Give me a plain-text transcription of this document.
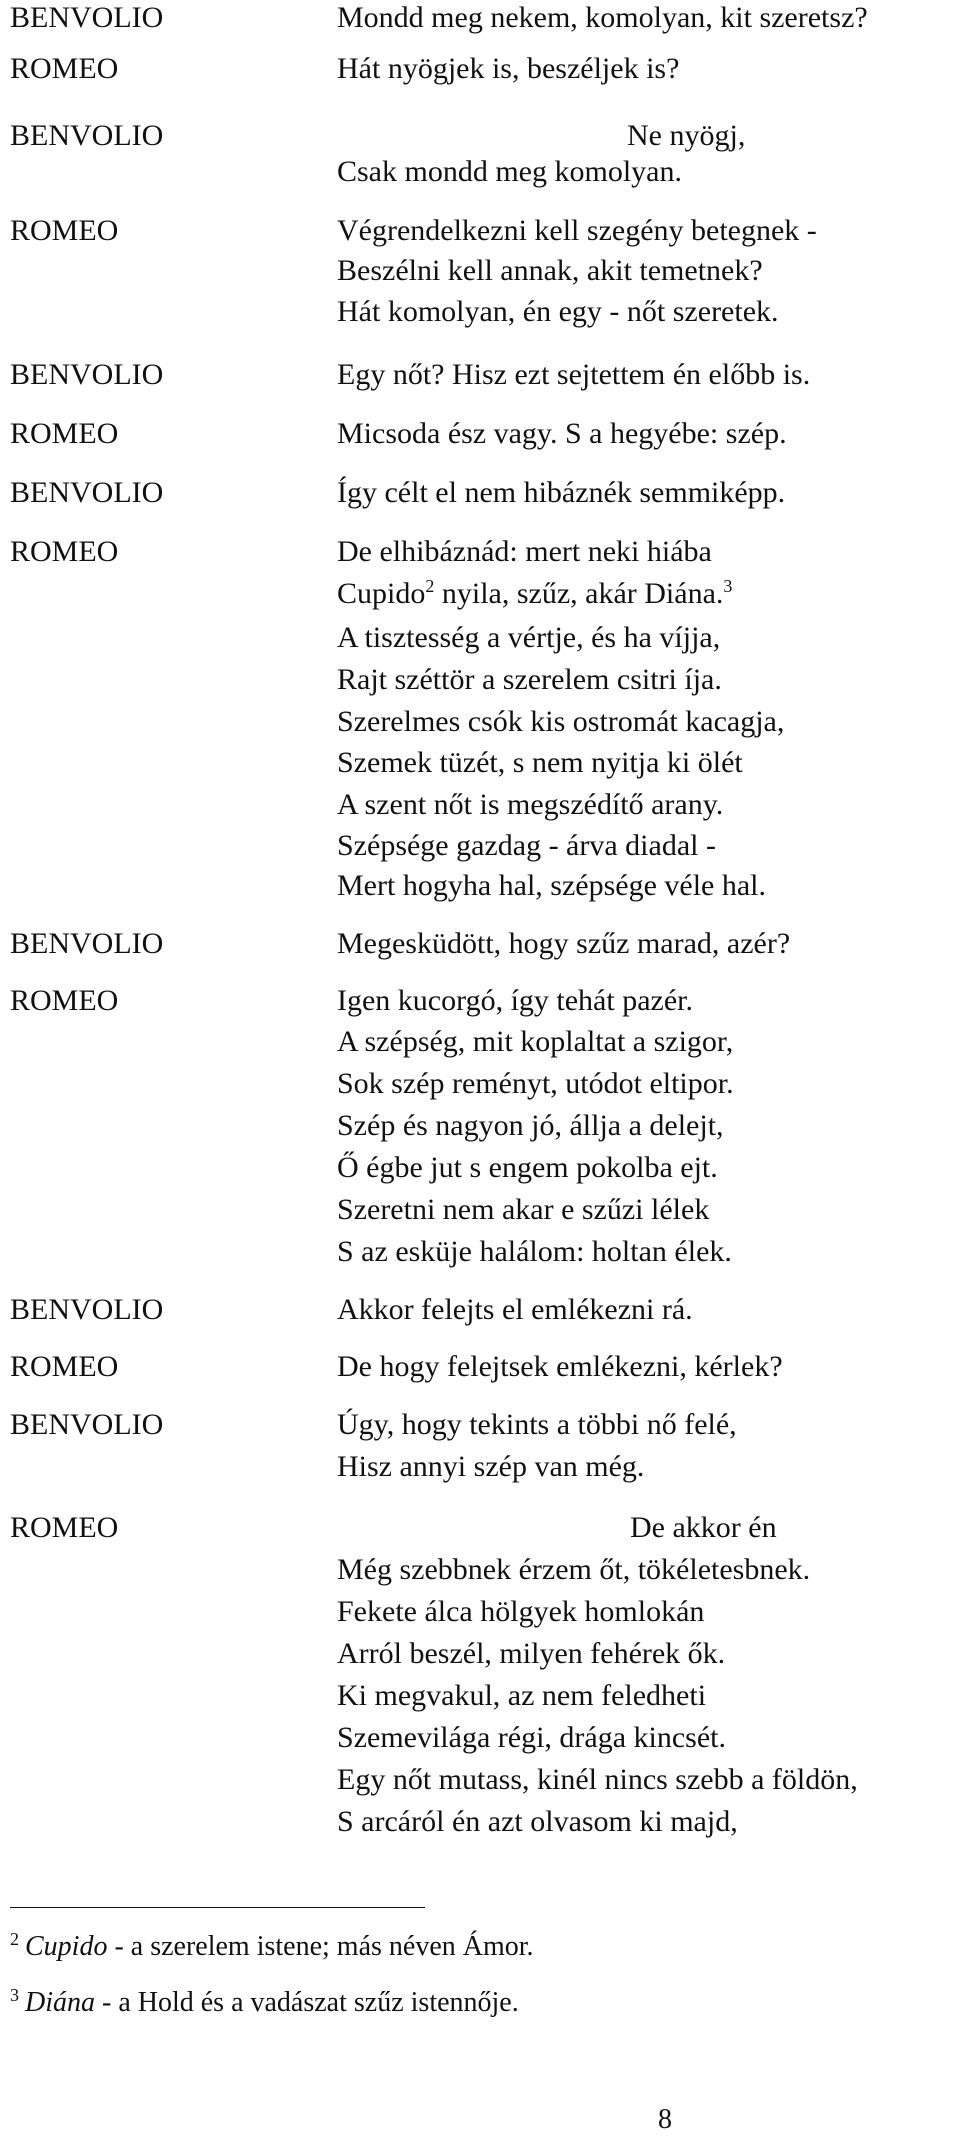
BENVOLIO
ROMEO
BENVOLIO
ROMEO
BENVOLIO
ROMEO
BENVOLIO
ROMEO
BENVOLIO
ROMEO
BENVOLIO
ROMEO
BENVOLIO
ROMEO
Mondd meg nekem, komolyan, kit szeretsz?
Hát nyögjek is, beszéljek is?
Ne nyögj,
Csak mondd meg komolyan.
Végrendelkezni kell szegény betegnek -
Beszélni kell annak, akit temetnek?
Hát komolyan, én egy - nőt szeretek.
Egy nőt? Hisz ezt sejtettem én előbb is.
Micsoda ész vagy. S a hegyébe: szép.
Így célt el nem hibáznék semmiképp.
De elhibáznád: mert neki hiába
Cupido$^2$ nyila, szűz, akár Diána.$^3$
A tisztesség a vértje, és ha víjja,
Rajt széttör a szerelem csitri íja.
Szerelmes csók kis ostromát kacagja,
Szemek tüzét, s nem nyitja ki ölét
A szent nőt is megszédítő arany.
Szépsége gazdag - árva diadal -
Mert hogyha hal, szépsége véle hal.
Megesküdött, hogy szűz marad, azér?
Igen kucorgó, így tehát pazér.
A szépség, mit koplaltat a szigor,
Sok szép reményt, utódot eltipor.
Szép és nagyon jó, állja a delejt,
Ő égbe jut s engem pokolba ejt.
Szeretni nem akar e szűzi lélek
S az esküje halálom: holtan élek.
Akkor felejts el emlékezni rá.
De hogy felejtsek emlékezni, kérlek?
Úgy, hogy tekints a többi nő felé,
Hisz annyi szép van még.
De akkor én
Még szebbnek érzem őt, tökéletesbnek.
Fekete álca hölgyek homlokán
Arról beszél, milyen fehérek ők.
Ki megvakul, az nem feledheti
Szemevilága régi, drága kincsét.
Egy nőt mutass, kinél nincs szebb a földön,
S arcáról én azt olvasom ki majd,
$^2$ Cupido - a szerelem istene; más néven Ámor.
$^3$ Diána - a Hold és a vadászat szűz istennője.
8
